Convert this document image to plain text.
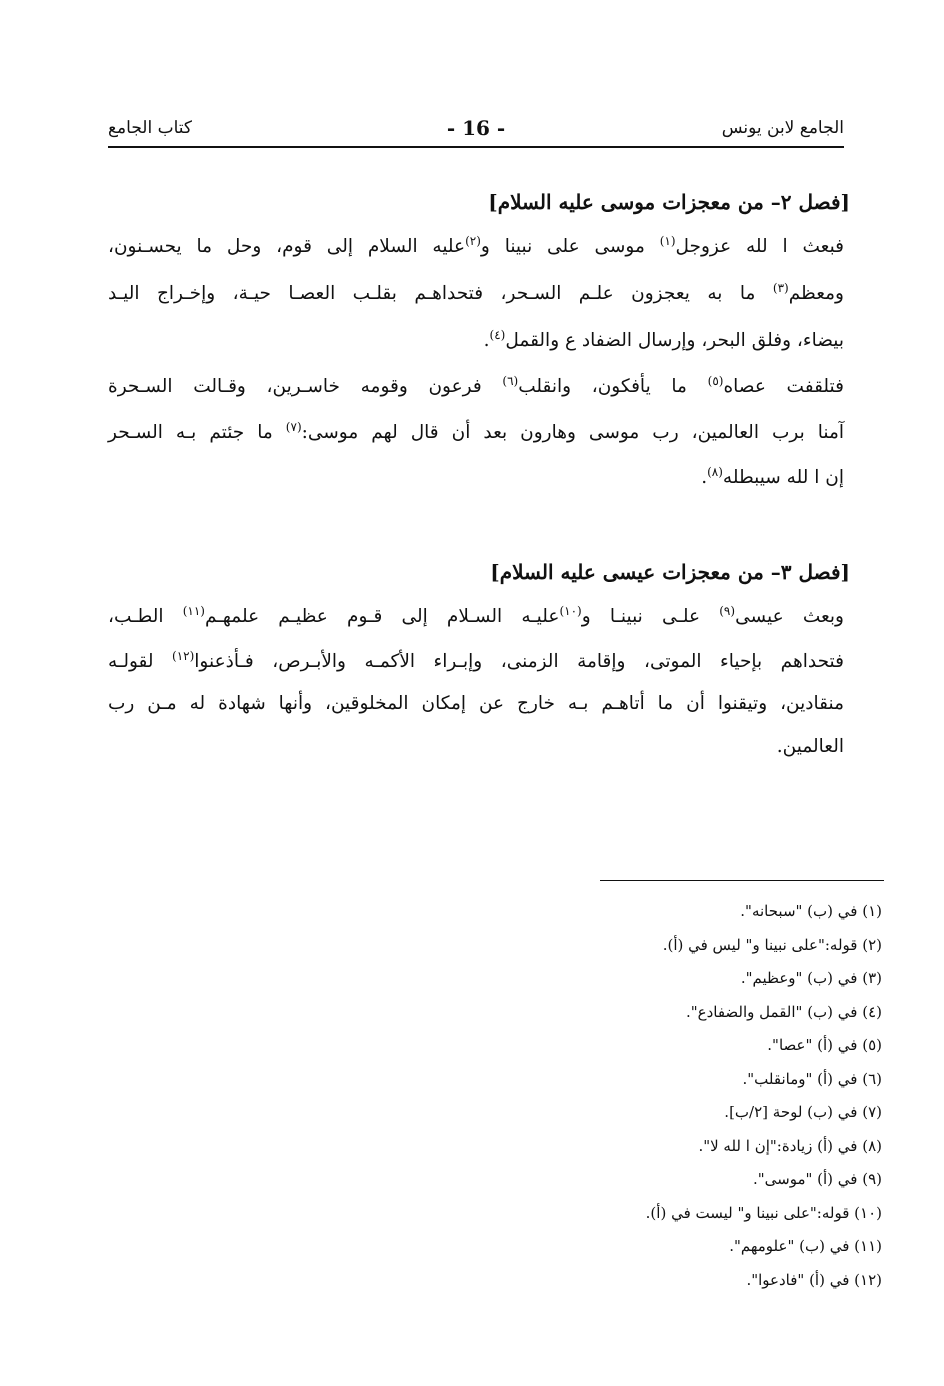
- 16 -	الجامع لابن يونس
كتاب الجامع
[فصل ٢– من معجزات موسى عليه السلام]
فبعث ا لله عزوجل$^{(١)}$ موسى على نبينا و$^{(٢)}$عليه السلام إلى قوم، وحل ما يحسـنون،
ومعظم$^{(٣)}$ ما به يعجزون علـم السـحر، فتحداهـم بقلـب العصـا حيـة، وإخـراج اليـد
بيضاء، وفلق البحر، وإرسال الضفاد ع والقمل$^{(٤)}$.
فتلقفت عصاه$^{(٥)}$ ما يأفكون، وانقلب$^{(٦)}$ فرعون وقومه خاسـرين، وقـالت السـحرة
آمنا برب العالمين، رب موسى وهارون بعد أن قال لهم موسى:$^{(٧)}$ ما جئتم بـه السـحر
إن ا لله سيبطله$^{(٨)}$.
[فصل ٣– من معجزات عيسى عليه السلام]
وبعث عيسى$^{(٩)}$ علـى نبينـا و$^{(١٠)}$عليـه السـلام إلى قـوم عظيـم علمهـم$^{(١١)}$ الطـب،
فتحداهم بإحياء الموتى، وإقامة الزمنى، وإبـراء الأكمـه والأبـرص، فـأذعنوا$^{(١٢)}$ لقولـه
منقادين، وتيقنوا أن ما أتاهـم بـه خارج عن إمكان المخلوقين، وأنها شهادة له مـن رب
العالمين.
(١) في (ب) "سبحانه".
(٢) قوله:"على نبينا و" ليس في (أ).
(٣) في (ب) "وعظيم".
(٤) في (ب) "القمل والضفادع".
(٥) في (أ) "عصا".
(٦) في (أ) "ومانقلب".
(٧) في (ب) لوحة [٢/ب].
(٨) في (أ) زيادة:"إن ا لله لا".
(٩) في (أ) "موسى".
(١٠) قوله:"على نبينا و" ليست في (أ).
(١١) في (ب) "علومهم".
(١٢) في (أ) "فادعوا".
